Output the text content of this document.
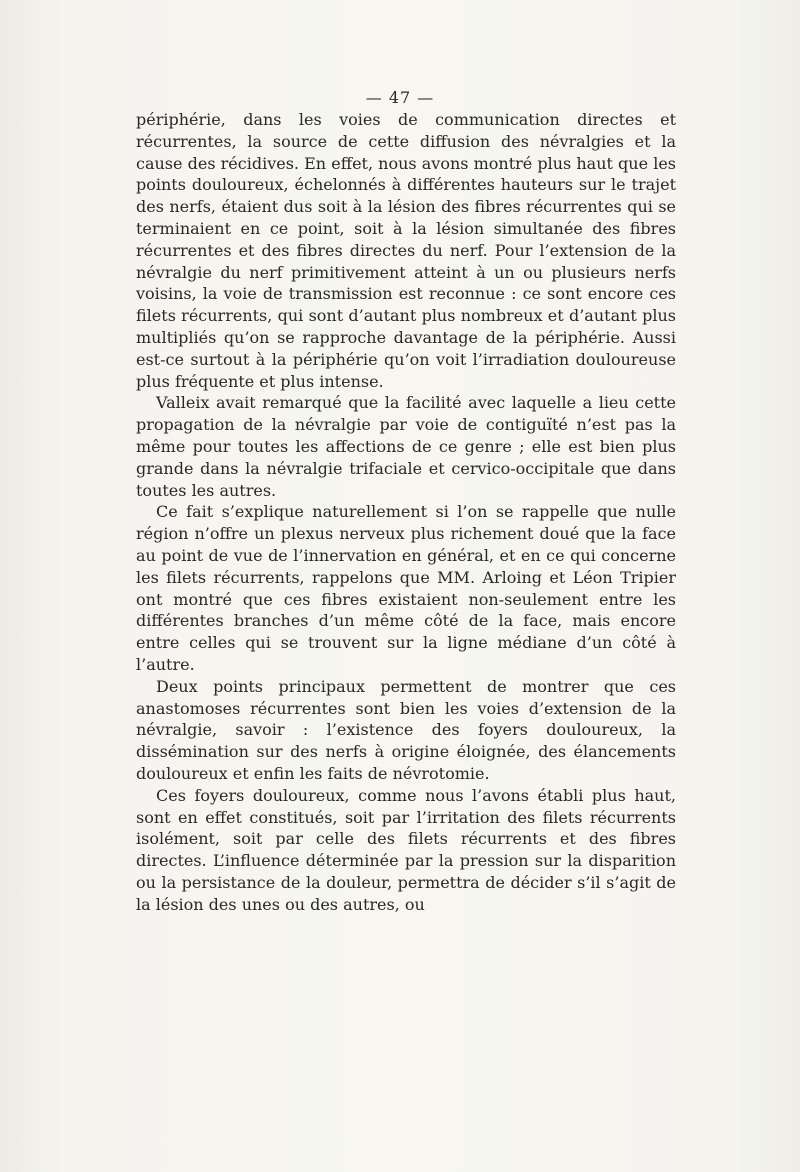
— 47 —

périphérie, dans les voies de communication directes et récurrentes, la source de cette diffusion des névralgies et la cause des récidives. En effet, nous avons montré plus haut que les points douloureux, échelonnés à différentes hauteurs sur le trajet des nerfs, étaient dus soit à la lésion des fibres récurrentes qui se terminaient en ce point, soit à la lésion simultanée des fibres récurrentes et des fibres directes du nerf. Pour l’extension de la névralgie du nerf primitivement atteint à un ou plusieurs nerfs voisins, la voie de transmission est reconnue : ce sont encore ces filets récurrents, qui sont d’autant plus nombreux et d’autant plus multipliés qu’on se rapproche davantage de la périphérie. Aussi est-ce surtout à la périphérie qu’on voit l’irradiation douloureuse plus fréquente et plus intense.

Valleix avait remarqué que la facilité avec laquelle a lieu cette propagation de la névralgie par voie de contiguïté n’est pas la même pour toutes les affections de ce genre ; elle est bien plus grande dans la névralgie trifaciale et cervico-occipitale que dans toutes les autres.

Ce fait s’explique naturellement si l’on se rappelle que nulle région n’offre un plexus nerveux plus richement doué que la face au point de vue de l’innervation en général, et en ce qui concerne les filets récurrents, rappelons que MM. Arloing et Léon Tripier ont montré que ces fibres existaient non-seulement entre les différentes branches d’un même côté de la face, mais encore entre celles qui se trouvent sur la ligne médiane d’un côté à l’autre.

Deux points principaux permettent de montrer que ces anastomoses récurrentes sont bien les voies d’extension de la névralgie, savoir : l’existence des foyers douloureux, la dissémination sur des nerfs à origine éloignée, des élancements douloureux et enfin les faits de névrotomie.

Ces foyers douloureux, comme nous l’avons établi plus haut, sont en effet constitués, soit par l’irritation des filets récurrents isolément, soit par celle des filets récurrents et des fibres directes. L’influence déterminée par la pression sur la disparition ou la persistance de la douleur, permettra de décider s’il s’agit de la lésion des unes ou des autres, ou
